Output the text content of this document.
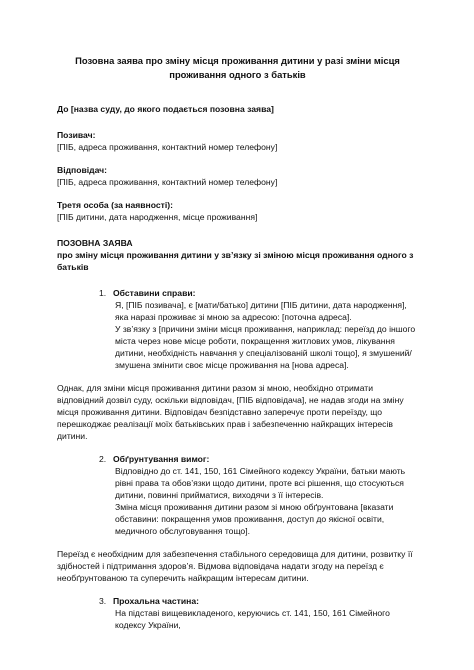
Позовна заява про зміну місця проживання дитини у разі зміни місця проживання одного з батьків

До [назва суду, до якого подається позовна заява]

Позивач:

[ПІБ, адреса проживання, контактний номер телефону]

Відповідач:

[ПІБ, адреса проживання, контактний номер телефону]

Третя особа (за наявності):

[ПІБ дитини, дата народження, місце проживання]

ПОЗОВНА ЗАЯВА

про зміну місця проживання дитини у зв’язку зі зміною місця проживання одного з батьків

1. Обставини справи:

Я, [ПІБ позивача], є [мати/батько] дитини [ПІБ дитини, дата народження], яка наразі проживає зі мною за адресою: [поточна адреса].

У зв’язку з [причини зміни місця проживання, наприклад: переїзд до іншого міста через нове місце роботи, покращення житлових умов, лікування дитини, необхідність навчання у спеціалізованій школі тощо], я змушений/змушена змінити своє місце проживання на [нова адреса].

Однак, для зміни місця проживання дитини разом зі мною, необхідно отримати відповідний дозвіл суду, оскільки відповідач, [ПІБ відповідача], не надав згоди на зміну місця проживання дитини. Відповідач безпідставно заперечує проти переїзду, що перешкоджає реалізації моїх батьківських прав і забезпеченню найкращих інтересів дитини.

2. Обґрунтування вимог:

Відповідно до ст. 141, 150, 161 Сімейного кодексу України, батьки мають рівні права та обов’язки щодо дитини, проте всі рішення, що стосуються дитини, повинні прийматися, виходячи з її інтересів.

Зміна місця проживання дитини разом зі мною обґрунтована [вказати обставини: покращення умов проживання, доступ до якісної освіти, медичного обслуговування тощо].

Переїзд є необхідним для забезпечення стабільного середовища для дитини, розвитку її здібностей і підтримання здоров’я. Відмова відповідача надати згоду на переїзд є необґрунтованою та суперечить найкращим інтересам дитини.

3. Прохальна частина:

На підставі вищевикладеного, керуючись ст. 141, 150, 161 Сімейного кодексу України,
